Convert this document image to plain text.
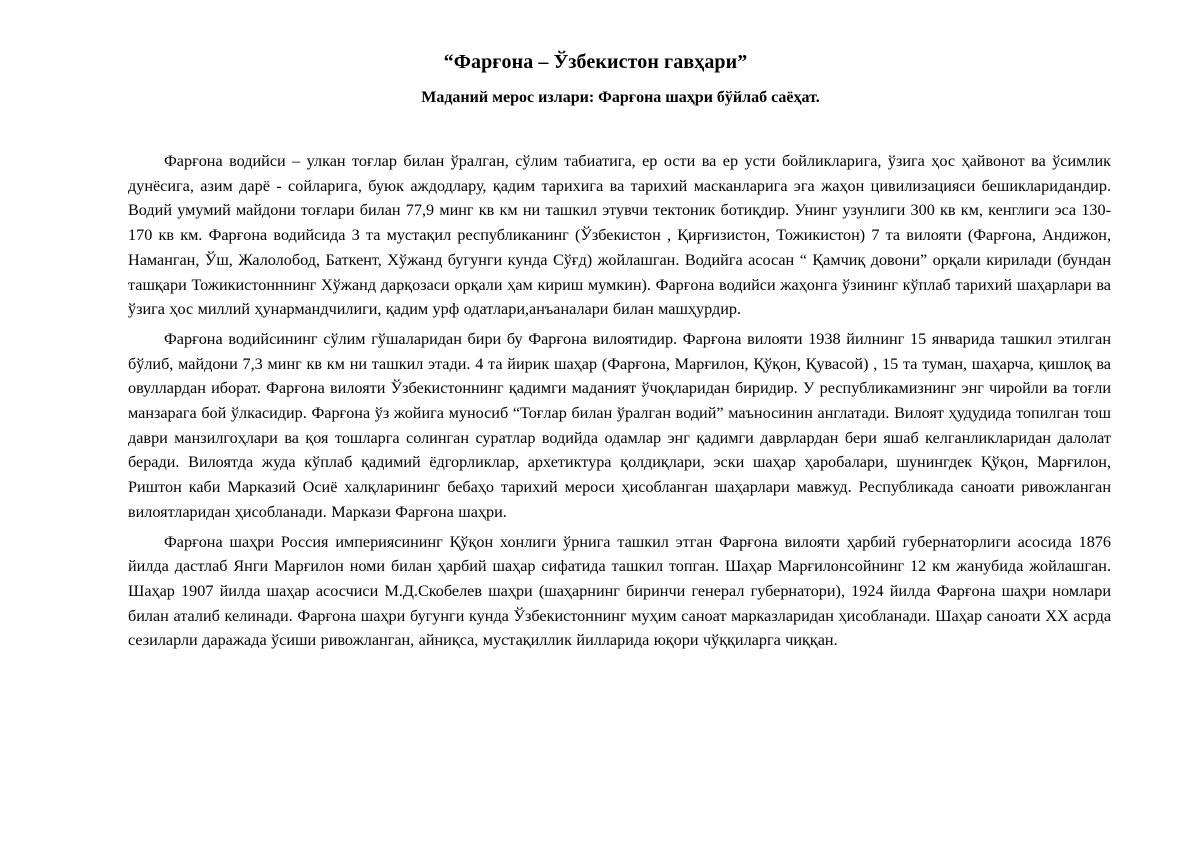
“Фарғона – Ўзбекистон гавҳари”
Маданий мерос излари: Фарғона шаҳри бўйлаб саёҳат.

Фарғона водийси – улкан тоғлар билан ўралган, сўлим табиатига, ер ости ва ер усти бойликларига, ўзига ҳос ҳайвонот ва ўсимлик дунёсига, азим дарё - сойларига, буюк аждодлару, қадим тарихига ва тарихий масканларига эга жаҳон цивилизацияси бешикларидандир. Водий умумий майдони тоғлари билан 77,9 минг кв км ни ташкил этувчи тектоник ботиқдир. Унинг узунлиги 300 кв км, кенглиги эса 130-170 кв км. Фарғона водийсида 3 та мустақил республиканинг (Ўзбекистон , Қирғизистон, Тожикистон) 7 та вилояти (Фарғона, Андижон, Наманган, Ўш, Жалолобод, Баткент, Хўжанд бугунги кунда Сўғд) жойлашган. Водийга асосан “ Қамчиқ довони” орқали кирилади (бундан ташқари Тожикистонннинг Хўжанд дарқозаси орқали ҳам кириш мумкин). Фарғона водийси жаҳонга ўзининг кўплаб тарихий шаҳарлари ва ўзига ҳос миллий ҳунармандчилиги, қадим урф одатлари,анъаналари билан машҳурдир.

Фарғона водийсининг сўлим гўшаларидан бири бу Фарғона вилоятидир. Фарғона вилояти 1938 йилнинг 15 январида ташкил этилган бўлиб, майдони 7,3 минг кв км ни ташкил этади. 4 та йирик шаҳар (Фарғона, Марғилон, Қўқон, Қувасой) , 15 та туман, шаҳарча, қишлоқ ва овуллардан иборат. Фарғона вилояти Ўзбекистоннинг қадимги маданият ўчоқларидан биридир. У республикамизнинг энг чиройли ва тоғли манзарага бой ўлкасидир. Фарғона ўз жойига муносиб “Тоғлар билан ўралган водий” маъносинин англатади. Вилоят ҳудудида топилган тош даври манзилгоҳлари ва қоя тошларга солинган суратлар водийда одамлар энг қадимги даврлардан бери яшаб келганликларидан далолат беради. Вилоятда жуда кўплаб қадимий ёдгорликлар, архетиктура қолдиқлари, эски шаҳар ҳаробалари, шунингдек Қўқон, Марғилон, Риштон каби Марказий Осиё халқларининг бебаҳо тарихий мероси ҳисобланган шаҳарлари мавжуд. Республикада саноати ривожланган вилоятларидан ҳисобланади. Маркази Фарғона шаҳри.

Фарғона шаҳри Россия империясининг Қўқон хонлиги ўрнига ташкил этган Фарғона вилояти ҳарбий губернаторлиги асосида 1876 йилда дастлаб Янги Марғилон номи билан ҳарбий шаҳар сифатида ташкил топган. Шаҳар Марғилонсойнинг 12 км жанубида жойлашган. Шаҳар 1907 йилда шаҳар асосчиси М.Д.Скобелев шаҳри (шаҳарнинг биринчи генерал губернатори), 1924 йилда Фарғона шаҳри номлари билан аталиб келинади. Фарғона шаҳри бугунги кунда Ўзбекистоннинг муҳим саноат марказларидан ҳисобланади. Шаҳар саноати XX асрда сезиларли даражада ўсиши ривожланган, айниқса, мустақиллик йилларида юқори чўққиларга чиққан.
